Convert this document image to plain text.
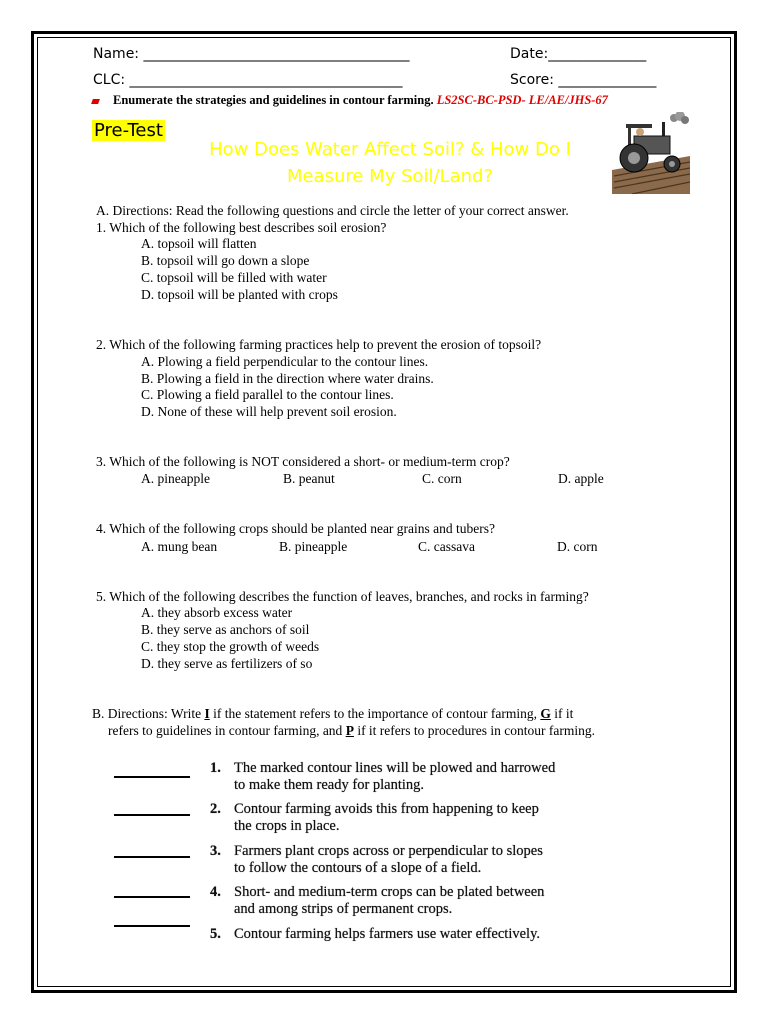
Name: ______________________________________	Date:______________
CLC: _______________________________________	Score: ______________
Enumerate the strategies and guidelines in contour farming. LS2SC-BC-PSD- LE/AE/JHS-67
Pre-Test
How Does Water Affect Soil? & How Do I
Measure My Soil/Land?
A. Directions: Read the following questions and circle the letter of your correct answer.
1. Which of the following best describes soil erosion?
A. topsoil will flatten
B. topsoil will go down a slope
C. topsoil will be filled with water
D. topsoil will be planted with crops
2. Which of the following farming practices help to prevent the erosion of topsoil?
A. Plowing a field perpendicular to the contour lines.
B. Plowing a field in the direction where water drains.
C. Plowing a field parallel to the contour lines.
D. None of these will help prevent soil erosion.
3. Which of the following is NOT considered a short- or medium-term crop?
A. pineapple	B. peanut	C. corn	D. apple
4. Which of the following crops should be planted near grains and tubers?
A. mung bean	B. pineapple	C. cassava	D. corn
5. Which of the following describes the function of leaves, branches, and rocks in farming?
A. they absorb excess water
B. they serve as anchors of soil
C. they stop the growth of weeds
D. they serve as fertilizers of so
B. Directions: Write I if the statement refers to the importance of contour farming, G if it
refers to guidelines in contour farming, and P if it refers to procedures in contour farming.
1. The marked contour lines will be plowed and harrowed
to make them ready for planting.
2. Contour farming avoids this from happening to keep
the crops in place.
3. Farmers plant crops across or perpendicular to slopes
to follow the contours of a slope of a field.
4. Short- and medium-term crops can be plated between
and among strips of permanent crops.
5. Contour farming helps farmers use water effectively.
